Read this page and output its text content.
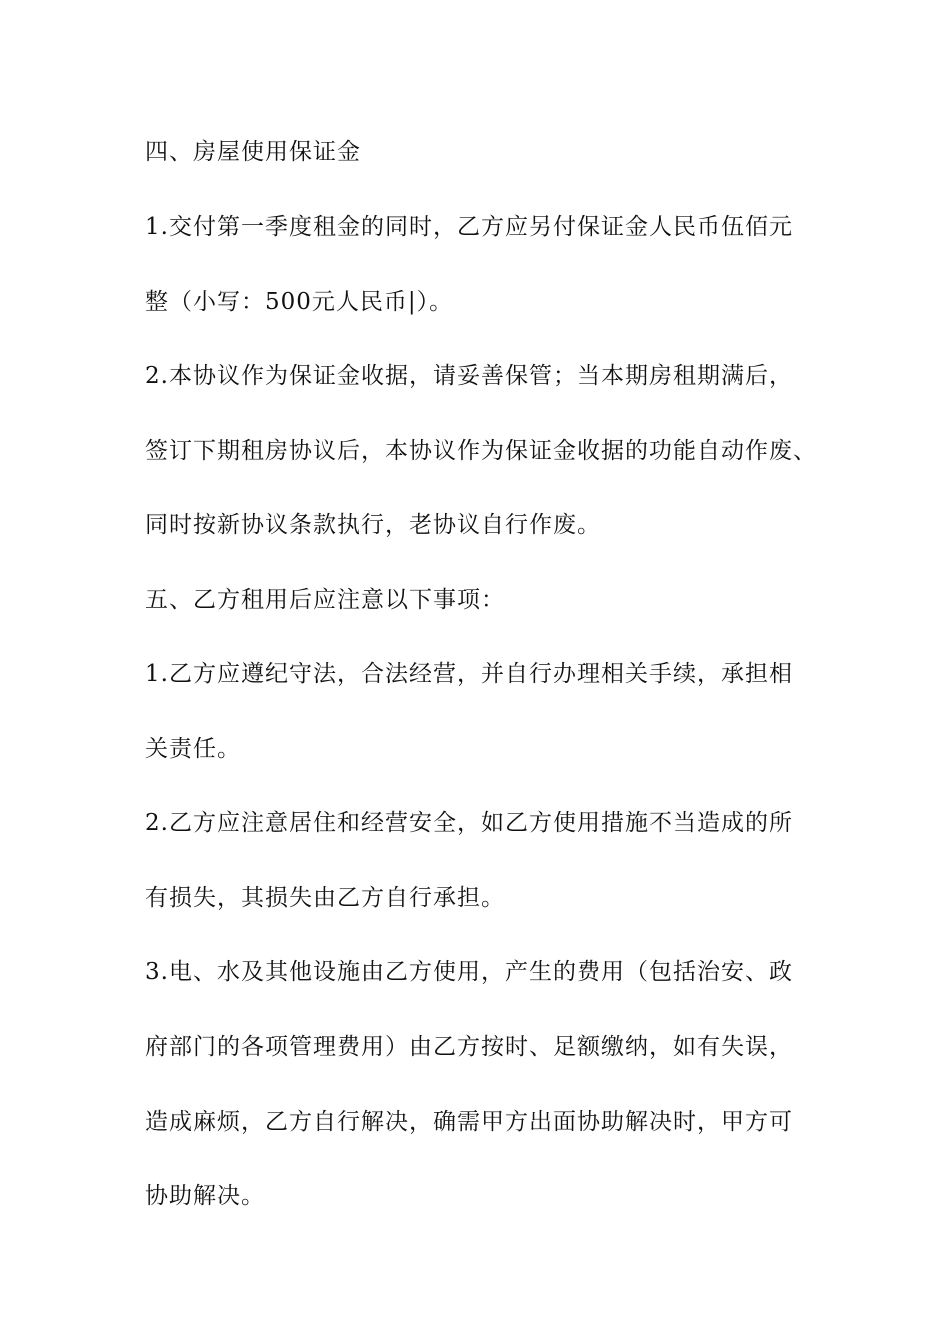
四、房屋使用保证金
1.交付第一季度租金的同时，乙方应另付保证金人民币伍佰元
整（小写：500元人民币|）。
2.本协议作为保证金收据，请妥善保管；当本期房租期满后，
签订下期租房协议后，本协议作为保证金收据的功能自动作废、
同时按新协议条款执行，老协议自行作废。
五、乙方租用后应注意以下事项：
1.乙方应遵纪守法，合法经营，并自行办理相关手续，承担相
关责任。
2.乙方应注意居住和经营安全，如乙方使用措施不当造成的所
有损失，其损失由乙方自行承担。
3.电、水及其他设施由乙方使用，产生的费用（包括治安、政
府部门的各项管理费用）由乙方按时、足额缴纳，如有失误，
造成麻烦，乙方自行解决，确需甲方出面协助解决时，甲方可
协助解决。
